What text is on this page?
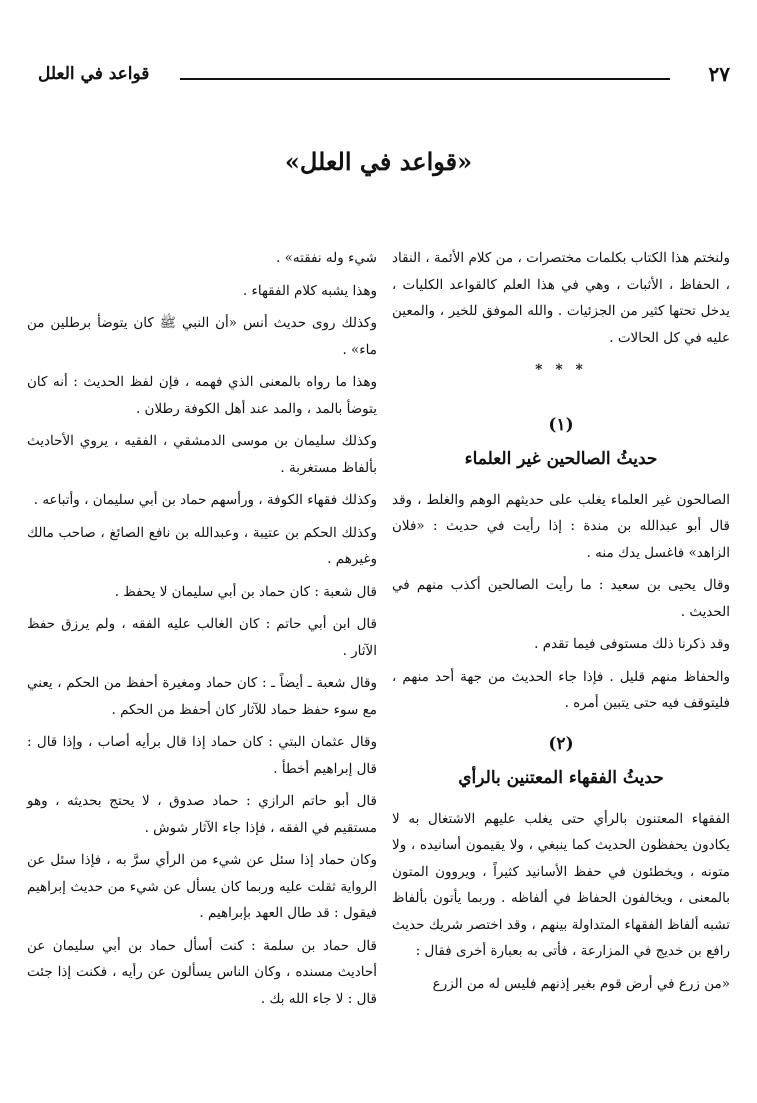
٢٧
قواعد في العلل
«قواعد في العلل»

ولنختم هذا الكتاب بكلمات مختصرات ، من كلام الأئمة ، النقاد ، الحفاظ ، الأثبات ، وهي في هذا العلم كالقواعد الكليات ، يدخل تحتها كثير من الجزئيات . والله الموفق للخير ، والمعين عليه في كل الحالات .

* * *
(١)
حديثُ الصالحين غير العلماء

الصالحون غير العلماء يغلب على حديثهم الوهم والغلط ، وقد قال أبو عبدالله بن مندة : إذا رأيت في حديث : «فلان الزاهد» فاغسل يدك منه .

وقال يحيى بن سعيد : ما رأيت الصالحين أكذب منهم في الحديث .

وقد ذكرنا ذلك مستوفى فيما تقدم .

والحفاظ منهم قليل . فإذا جاء الحديث من جهة أحد منهم ، فليتوقف فيه حتى يتبين أمره .

(٢)
حديثُ الفقهاء المعتنين بالرأي

الفقهاء المعتنون بالرأي حتى يغلب عليهم الاشتغال به لا يكادون يحفظون الحديث كما ينبغي ، ولا يقيمون أسانيده ، ولا متونه ، ويخطئون في حفظ الأسانيد كثيراً ، ويروون المتون بالمعنى ، ويخالفون الحفاظ في ألفاظه . وربما يأتون بألفاظ تشبه ألفاظ الفقهاء المتداولة بينهم ، وقد اختصر شريك حديث رافع بن خديج في المزارعة ، فأتى به بعبارة أخرى فقال :

«من زرع في أرض قوم بغير إذنهم فليس له من الزرع

شيء وله نفقته» .

وهذا يشبه كلام الفقهاء .

وكذلك روى حديث أنس «أن النبي ﷺ كان يتوضأ برطلين من ماء» .

وهذا ما رواه بالمعنى الذي فهمه ، فإن لفظ الحديث : أنه كان يتوضأ بالمد ، والمد عند أهل الكوفة رطلان .

وكذلك سليمان بن موسى الدمشقي ، الفقيه ، يروي الأحاديث بألفاظ مستغربة .

وكذلك فقهاء الكوفة ، ورأسهم حماد بن أبي سليمان ، وأتباعه .

وكذلك الحكم بن عتيبة ، وعبدالله بن نافع الصائغ ، صاحب مالك وغيرهم .

قال شعبة : كان حماد بن أبي سليمان لا يحفظ .

قال ابن أبي حاتم : كان الغالب عليه الفقه ، ولم يرزق حفظ الآثار .

وقال شعبة ـ أيضاً ـ : كان حماد ومغيرة أحفظ من الحكم ، يعني مع سوء حفظ حماد للآثار كان أحفظ من الحكم .

وقال عثمان البتي : كان حماد إذا قال برأيه أصاب ، وإذا قال : قال إبراهيم أخطأ .

قال أبو حاتم الرازي : حماد صدوق ، لا يحتج بحديثه ، وهو مستقيم في الفقه ، فإذا جاء الآثار شوش .

وكان حماد إذا سئل عن شيء من الرأي سرَّ به ، فإذا سئل عن الرواية ثقلت عليه وربما كان يسأل عن شيء من حديث إبراهيم فيقول : قد طال العهد بإبراهيم .

قال حماد بن سلمة : كنت أسأل حماد بن أبي سليمان عن أحاديث مسنده ، وكان الناس يسألون عن رأيه ، فكنت إذا جئت قال : لا جاء الله بك .
